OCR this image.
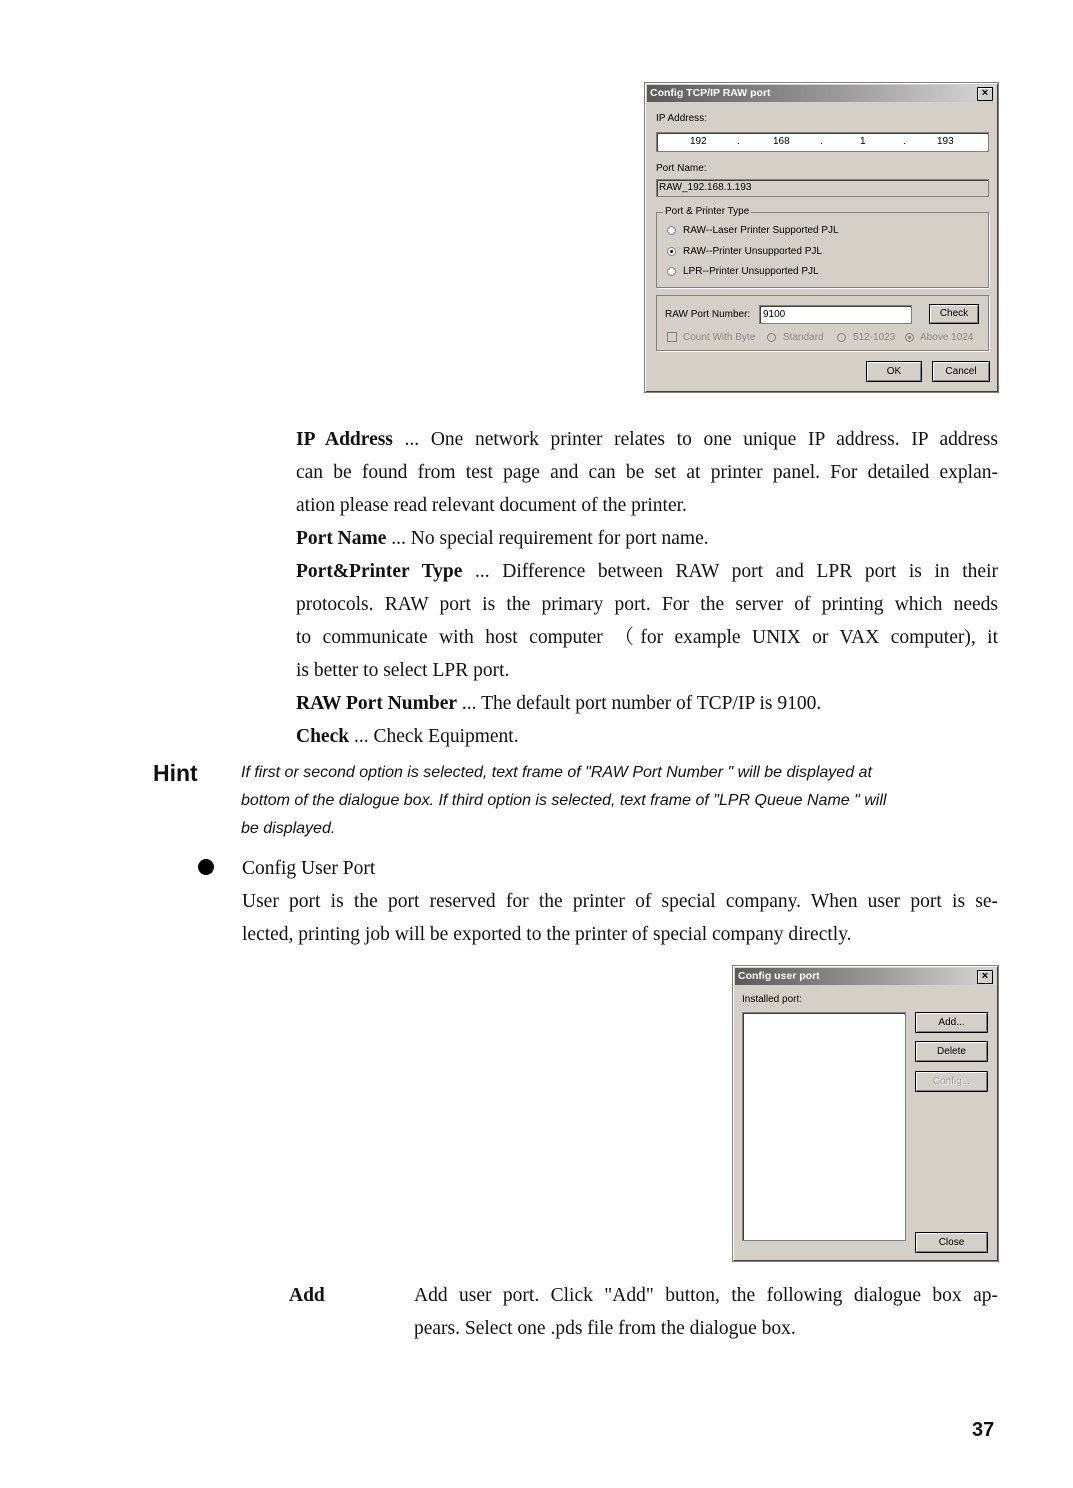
Config TCP/IP RAW port	×
IP Address:
192	.	168	.	1	.	193
Port Name:
RAW_192.168.1.193
Port & Printer Type
RAW--Laser Printer Supported PJL
RAW--Printer Unsupported PJL
LPR--Printer Unsupported PJL
RAW Port Number: 9100	Check
Count With Byte	Standard	512-1023 Above 1024
OK	Cancel
IP Address ... One network printer relates to one unique IP address. IP address
can be found from test page and can be set at printer panel. For detailed explan-
ation please read relevant document of the printer.
Port Name ... No special requirement for port name.
Port&Printer Type ... Difference between RAW port and LPR port is in their
protocols. RAW port is the primary port. For the server of printing which needs
to communicate with host computer （for example UNIX or VAX computer), it
is better to select LPR port.
RAW Port Number ... The default port number of TCP/IP is 9100.
Check ... Check Equipment.
Hint	If first or second option is selected, text frame of "RAW Port Number " will be displayed at
bottom of the dialogue box. If third option is selected, text frame of "LPR Queue Name " will
be displayed.
Config User Port
User port is the port reserved for the printer of special company. When user port is se-
lected, printing job will be exported to the printer of special company directly.
Config user port	×
Installed port:
Add...
Delete
Config...
Close
Add	Add user port. Click "Add" button, the following dialogue box ap-
pears. Select one .pds file from the dialogue box.
37
